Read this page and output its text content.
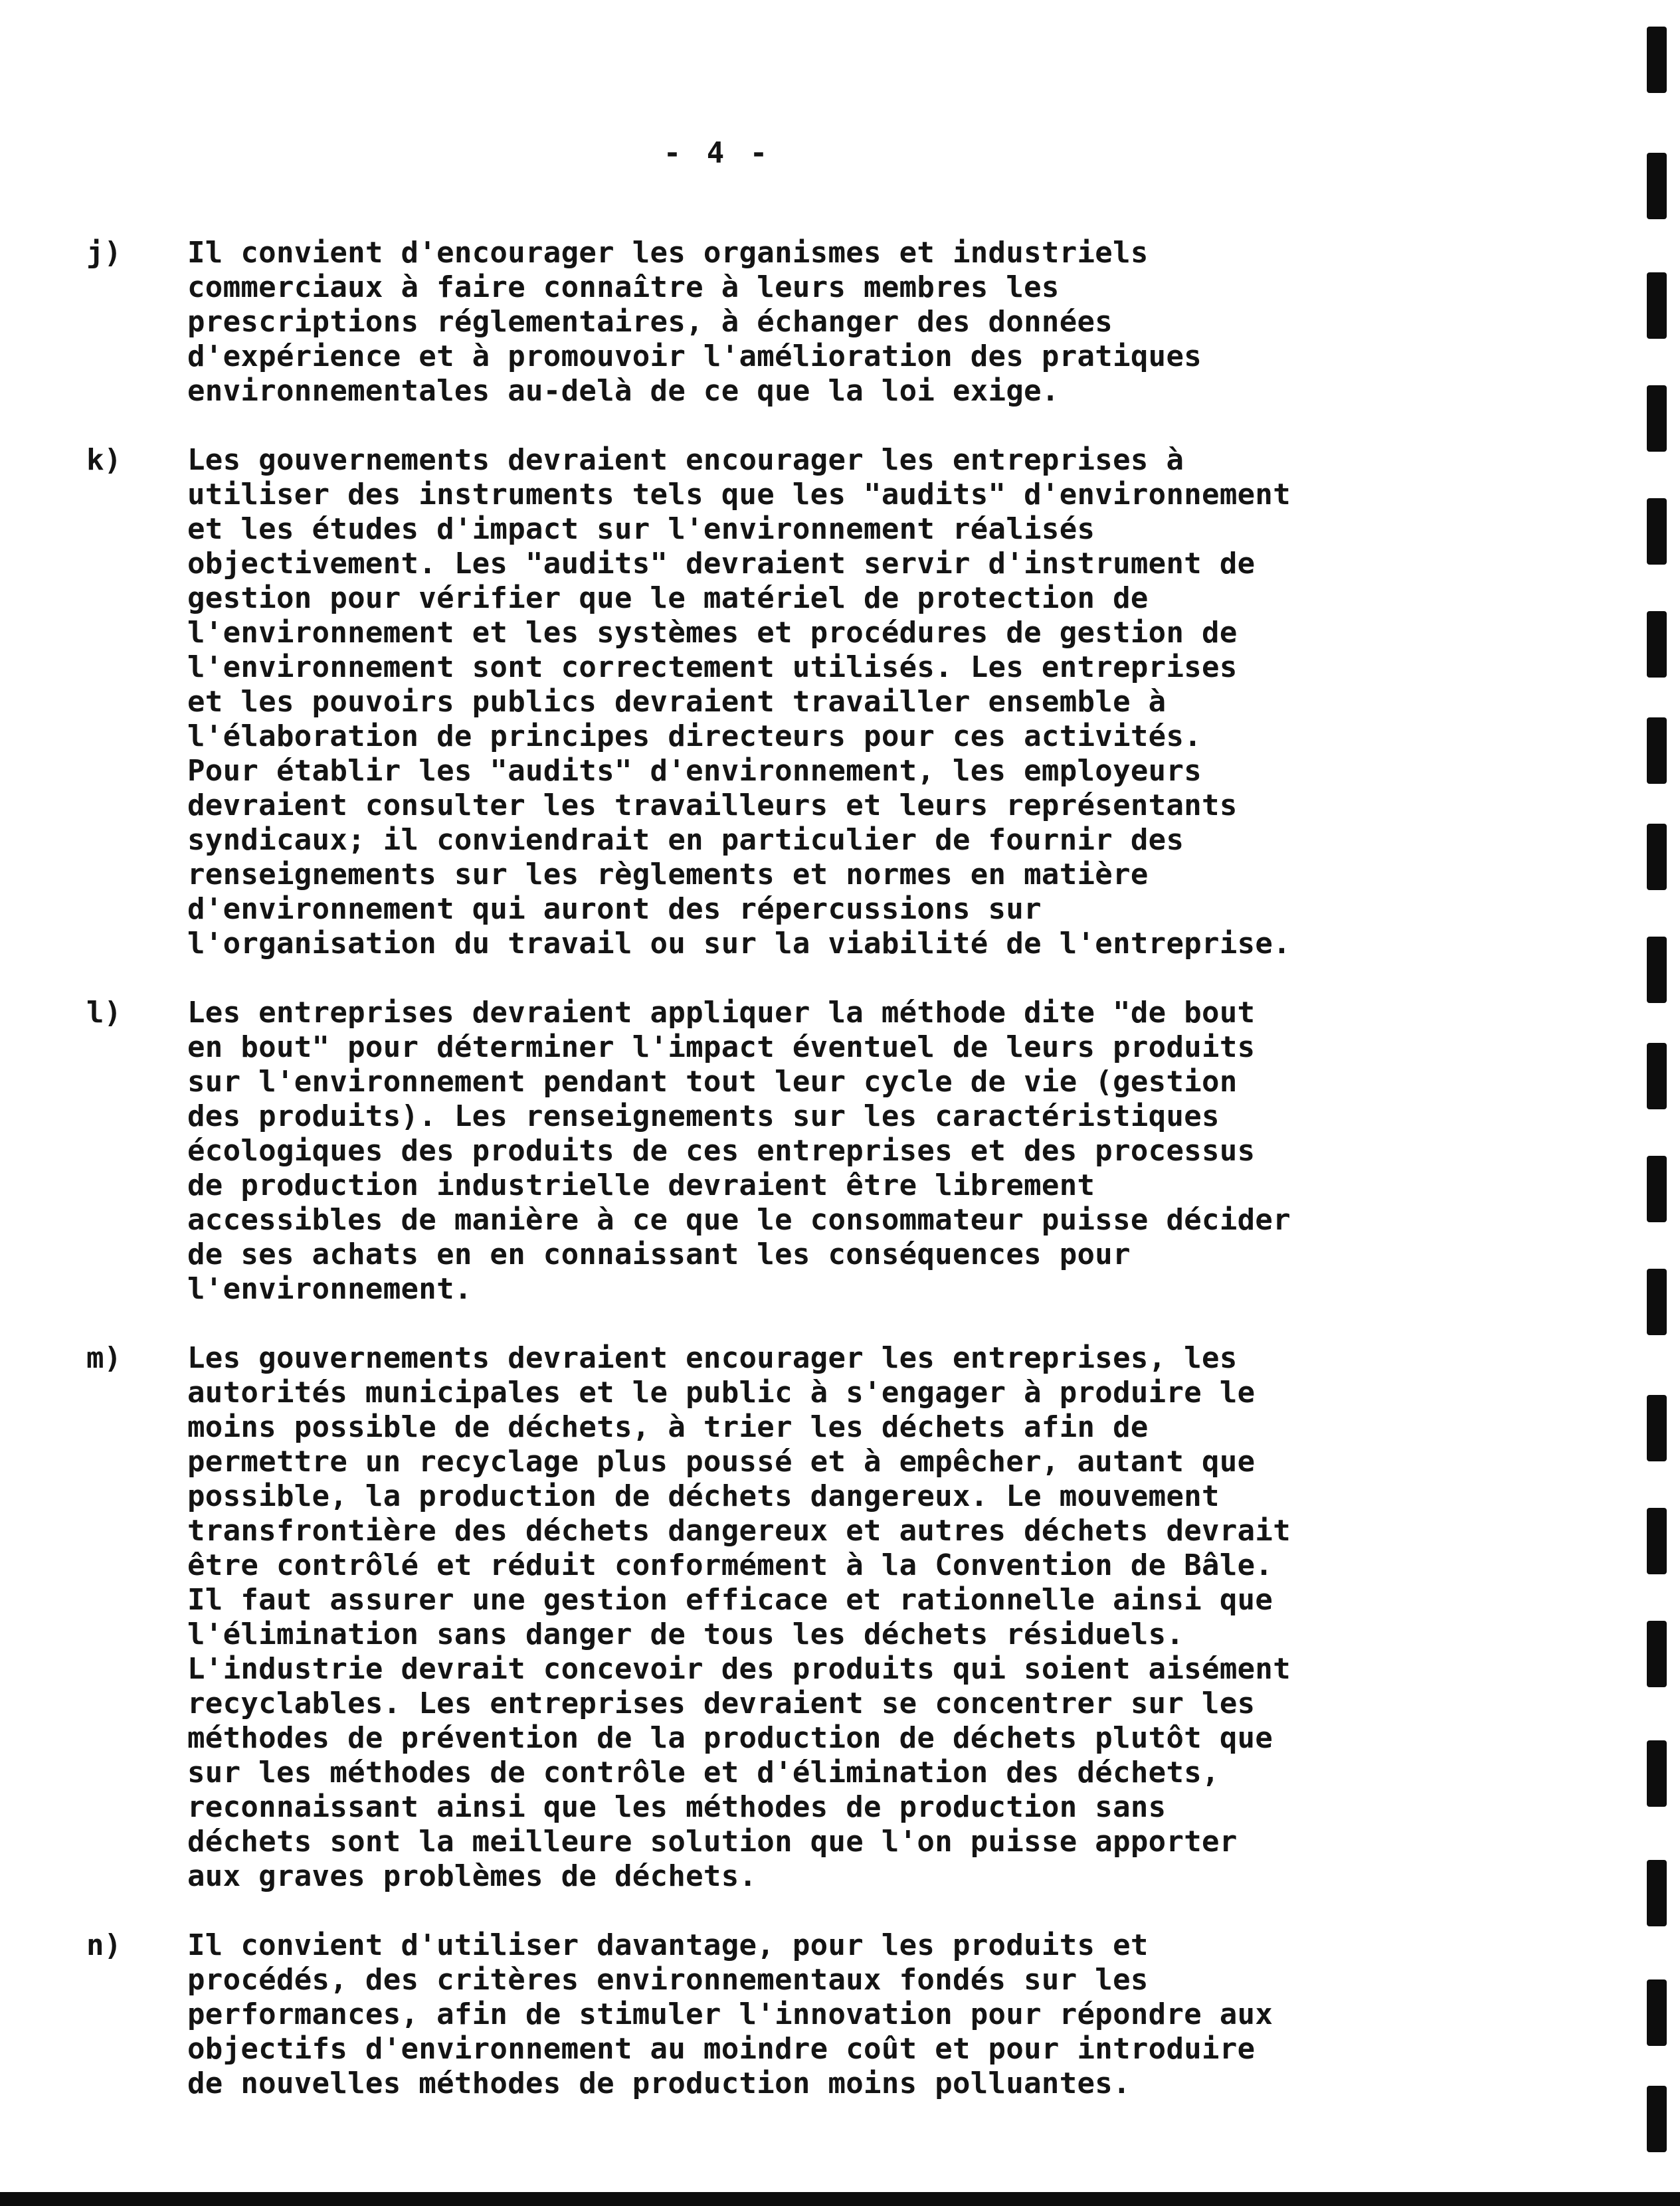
- 4 -
j)	Il convient d'encourager les organismes et industriels
commerciaux à faire connaître à leurs membres les
prescriptions réglementaires, à échanger des données
d'expérience et à promouvoir l'amélioration des pratiques
environnementales au-delà de ce que la loi exige.
k)	Les gouvernements devraient encourager les entreprises à
utiliser des instruments tels que les "audits" d'environnement
et les études d'impact sur l'environnement réalisés
objectivement. Les "audits" devraient servir d'instrument de
gestion pour vérifier que le matériel de protection de
l'environnement et les systèmes et procédures de gestion de
l'environnement sont correctement utilisés. Les entreprises
et les pouvoirs publics devraient travailler ensemble à
l'élaboration de principes directeurs pour ces activités.
Pour établir les "audits" d'environnement, les employeurs
devraient consulter les travailleurs et leurs représentants
syndicaux; il conviendrait en particulier de fournir des
renseignements sur les règlements et normes en matière
d'environnement qui auront des répercussions sur
l'organisation du travail ou sur la viabilité de l'entreprise.
l)	Les entreprises devraient appliquer la méthode dite "de bout
en bout" pour déterminer l'impact éventuel de leurs produits
sur l'environnement pendant tout leur cycle de vie (gestion
des produits). Les renseignements sur les caractéristiques
écologiques des produits de ces entreprises et des processus
de production industrielle devraient être librement
accessibles de manière à ce que le consommateur puisse décider
de ses achats en en connaissant les conséquences pour
l'environnement.
m)	Les gouvernements devraient encourager les entreprises, les
autorités municipales et le public à s'engager à produire le
moins possible de déchets, à trier les déchets afin de
permettre un recyclage plus poussé et à empêcher, autant que
possible, la production de déchets dangereux. Le mouvement
transfrontière des déchets dangereux et autres déchets devrait
être contrôlé et réduit conformément à la Convention de Bâle.
Il faut assurer une gestion efficace et rationnelle ainsi que
l'élimination sans danger de tous les déchets résiduels.
L'industrie devrait concevoir des produits qui soient aisément
recyclables. Les entreprises devraient se concentrer sur les
méthodes de prévention de la production de déchets plutôt que
sur les méthodes de contrôle et d'élimination des déchets,
reconnaissant ainsi que les méthodes de production sans
déchets sont la meilleure solution que l'on puisse apporter
aux graves problèmes de déchets.
n)	Il convient d'utiliser davantage, pour les produits et
procédés, des critères environnementaux fondés sur les
performances, afin de stimuler l'innovation pour répondre aux
objectifs d'environnement au moindre coût et pour introduire
de nouvelles méthodes de production moins polluantes.
